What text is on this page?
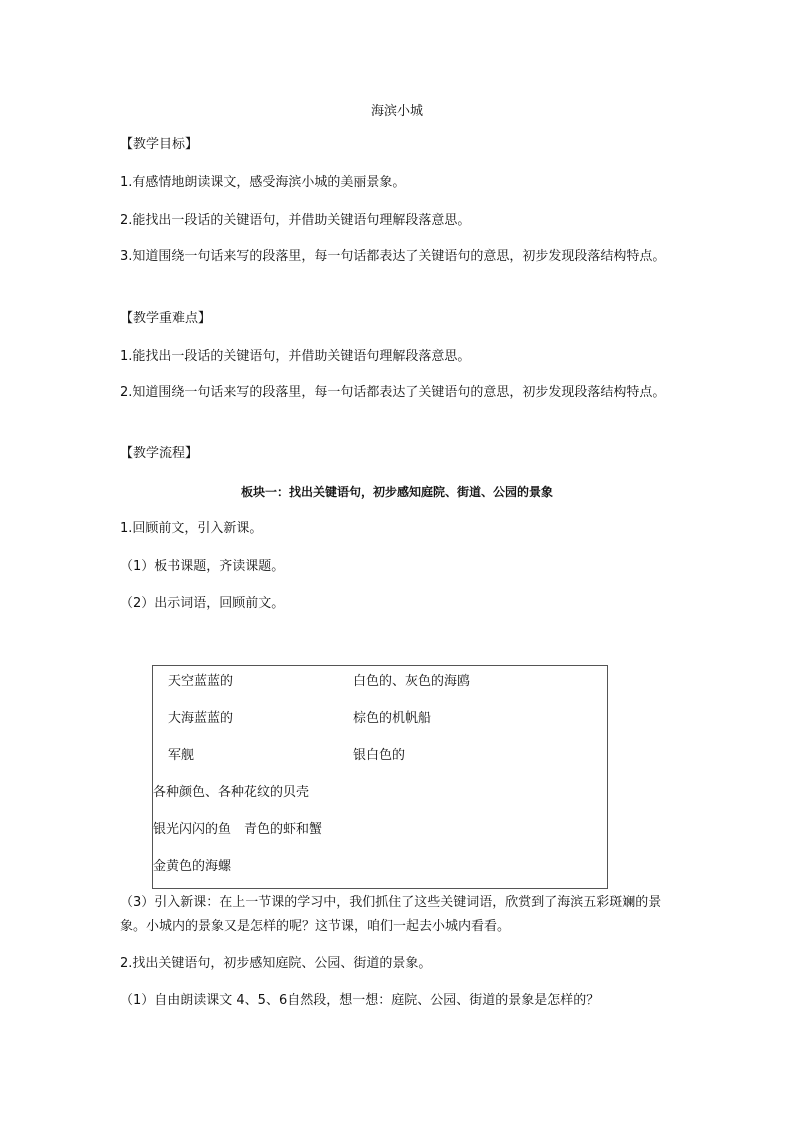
海滨小城

【教学目标】

1.有感情地朗读课文，感受海滨小城的美丽景象。

2.能找出一段话的关键语句，并借助关键语句理解段落意思。

3.知道围绕一句话来写的段落里，每一句话都表达了关键语句的意思，初步发现段落结构特点。

【教学重难点】

1.能找出一段话的关键语句，并借助关键语句理解段落意思。

2.知道围绕一句话来写的段落里，每一句话都表达了关键语句的意思，初步发现段落结构特点。

【教学流程】

板块一：找出关键语句，初步感知庭院、街道、公园的景象

1.回顾前文，引入新课。

（1）板书课题，齐读课题。

（2）出示词语，回顾前文。

天空蓝蓝的	白色的、灰色的海鸥
大海蓝蓝的	棕色的机帆船
军舰	银白色的
各种颜色、各种花纹的贝壳
银光闪闪的鱼　青色的虾和蟹
金黄色的海螺

（3）引入新课：在上一节课的学习中，我们抓住了这些关键词语，欣赏到了海滨五彩斑斓的景象。小城内的景象又是怎样的呢？这节课，咱们一起去小城内看看。

2.找出关键语句，初步感知庭院、公园、街道的景象。

（1）自由朗读课文 4、5、6自然段，想一想：庭院、公园、街道的景象是怎样的？
